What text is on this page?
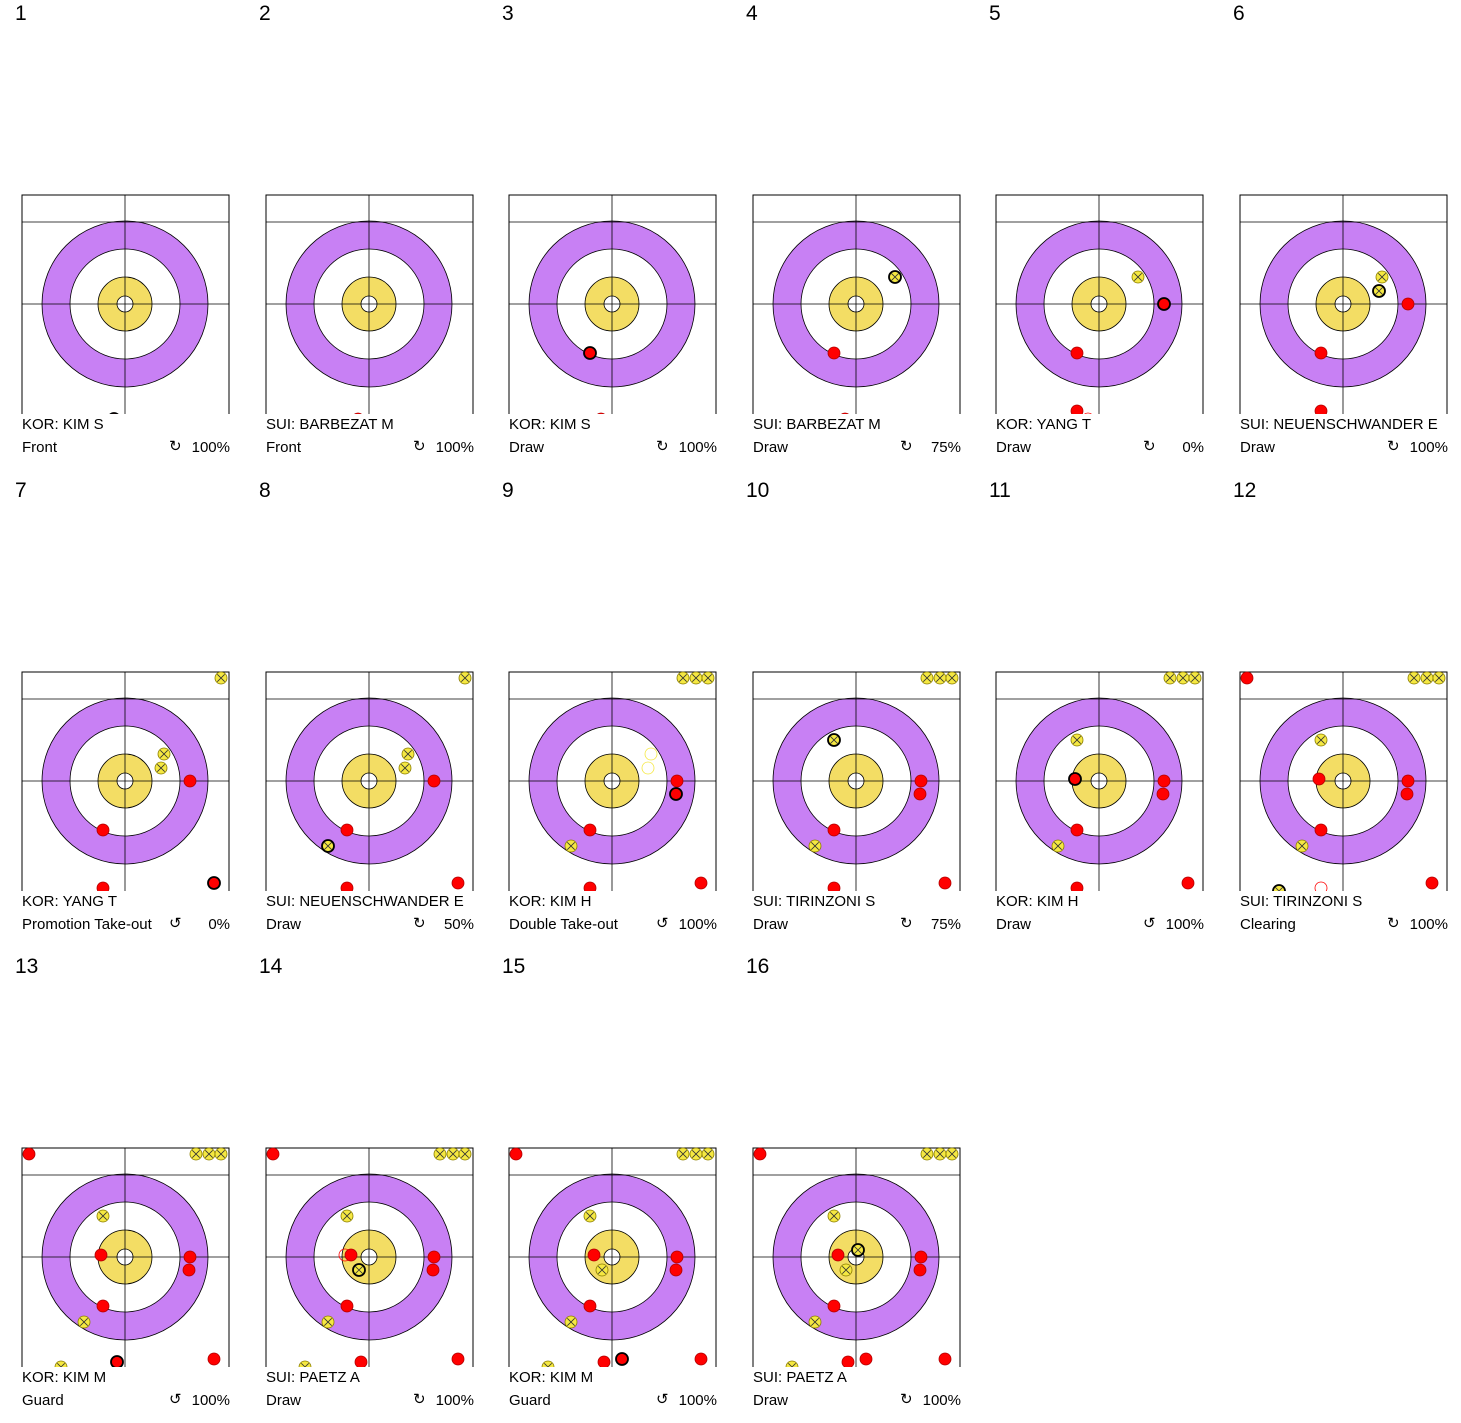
1
KOR: KIM S
Front	↻ 100%
2
SUI: BARBEZAT M
Front	↻ 100%
3
KOR: KIM S
Draw	↻ 100%
4
SUI: BARBEZAT M
Draw	↻	75%
5
KOR: YANG T
Draw	↻	0%
6
SUI: NEUENSCHWANDER E
Draw	↻ 100%
7
KOR: YANG T
Promotion Take-out ↺	0%
8
SUI: NEUENSCHWANDER E
Draw	↻	50%
9
KOR: KIM H
Double Take-out	↺ 100%
10
SUI: TIRINZONI S
Draw	↻	75%
11
KOR: KIM H
Draw	↺ 100%
12
SUI: TIRINZONI S
Clearing	↻ 100%
13
KOR: KIM M
Guard	↺ 100%
14
SUI: PAETZ A
Draw	↻ 100%
15
KOR: KIM M
Guard	↺ 100%
16
SUI: PAETZ A
Draw	↻ 100%
